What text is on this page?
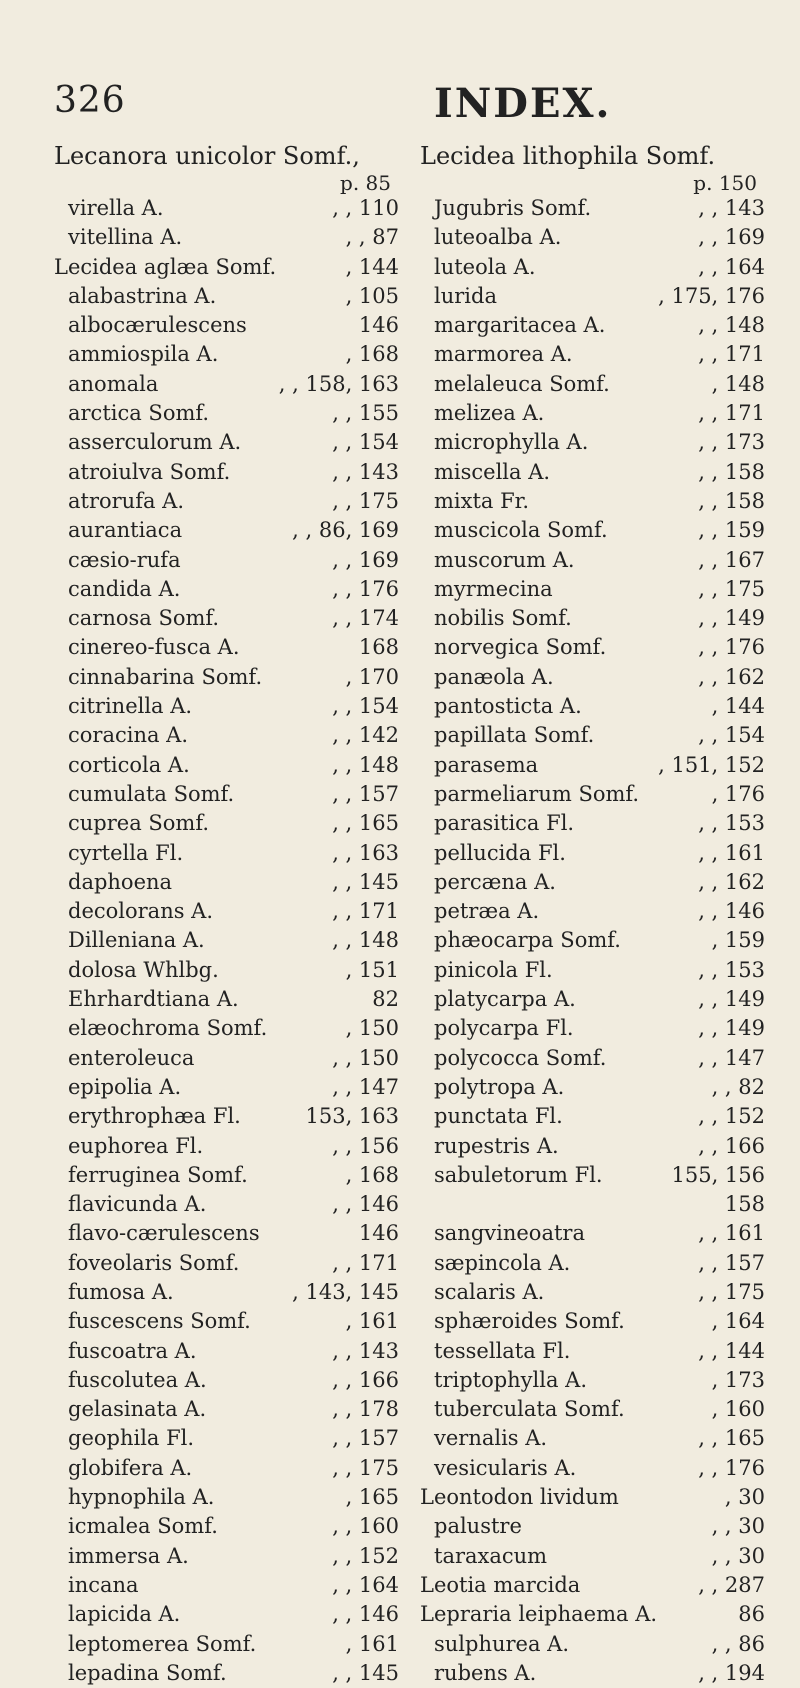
326	INDEX.
Lecanora unicolor Somf.,
p. 85
virella A.	, , 110
vitellina A.	, , 87
Lecidea aglæa Somf.	, 144
alabastrina A.	, 105
albocærulescens	146
ammiospila A.	, 168
anomala	, , 158, 163
arctica Somf.	, , 155
asserculorum A.	, , 154
atroiulva Somf.	, , 143
atrorufa A.	, , 175
aurantiaca	, , 86, 169
cæsio-rufa	, , 169
candida A.	, , 176
carnosa Somf.	, , 174
cinereo-fusca A.	168
cinnabarina Somf.	, 170
citrinella A.	, , 154
coracina A.	, , 142
corticola A.	, , 148
cumulata Somf.	, , 157
cuprea Somf.	, , 165
cyrtella Fl.	, , 163
daphoena	, , 145
decolorans A.	, , 171
Dilleniana A.	, , 148
dolosa Whlbg.	, 151
Ehrhardtiana A.	82
elæochroma Somf.	, 150
enteroleuca	, , 150
epipolia A.	, , 147
erythrophæa Fl.	153, 163
euphorea Fl.	, , 156
ferruginea Somf.	, 168
flavicunda A.	, , 146
flavo-cærulescens	146
foveolaris Somf.	, , 171
fumosa A.	, 143, 145
fuscescens Somf.	, 161
fuscoatra A.	, , 143
fuscolutea A.	, , 166
gelasinata A.	, , 178
geophila Fl.	, , 157
globifera A.	, , 175
hypnophila A.	, 165
icmalea Somf.	, , 160
immersa A.	, , 152
incana	, , 164
lapicida A.	, , 146
leptomerea Somf.	, 161
lepadina Somf.	, , 145
Lecidea lithophila Somf.
p. 150
Jugubris Somf.	, , 143
luteoalba A.	, , 169
luteola A.	, , 164
lurida	, 175, 176
margaritacea A.	, , 148
marmorea A.	, , 171
melaleuca Somf.	, 148
melizea A.	, , 171
microphylla A.	, , 173
miscella A.	, , 158
mixta Fr.	, , 158
muscicola Somf.	, , 159
muscorum A.	, , 167
myrmecina	, , 175
nobilis Somf.	, , 149
norvegica Somf.	, , 176
panæola A.	, , 162
pantosticta A.	, 144
papillata Somf.	, , 154
parasema	, 151, 152
parmeliarum Somf.	, 176
parasitica Fl.	, , 153
pellucida Fl.	, , 161
percæna A.	, , 162
petræa A.	, , 146
phæocarpa Somf.	, 159
pinicola Fl.	, , 153
platycarpa A.	, , 149
polycarpa Fl.	, , 149
polycocca Somf.	, , 147
polytropa A.	, , 82
punctata Fl.	, , 152
rupestris A.	, , 166
sabuletorum Fl.	155, 156
158
sangvineoatra	, , 161
sæpincola A.	, , 157
scalaris A.	, , 175
sphæroides Somf.	, 164
tessellata Fl.	, , 144
triptophylla A.	, 173
tuberculata Somf.	, 160
vernalis A.	, , 165
vesicularis A.	, , 176
Leontodon lividum	, 30
palustre	, , 30
taraxacum	, , 30
Leotia marcida	, , 287
Lepraria leiphaema A.	86
sulphurea A.	, , 86
rubens A.	, , 194
